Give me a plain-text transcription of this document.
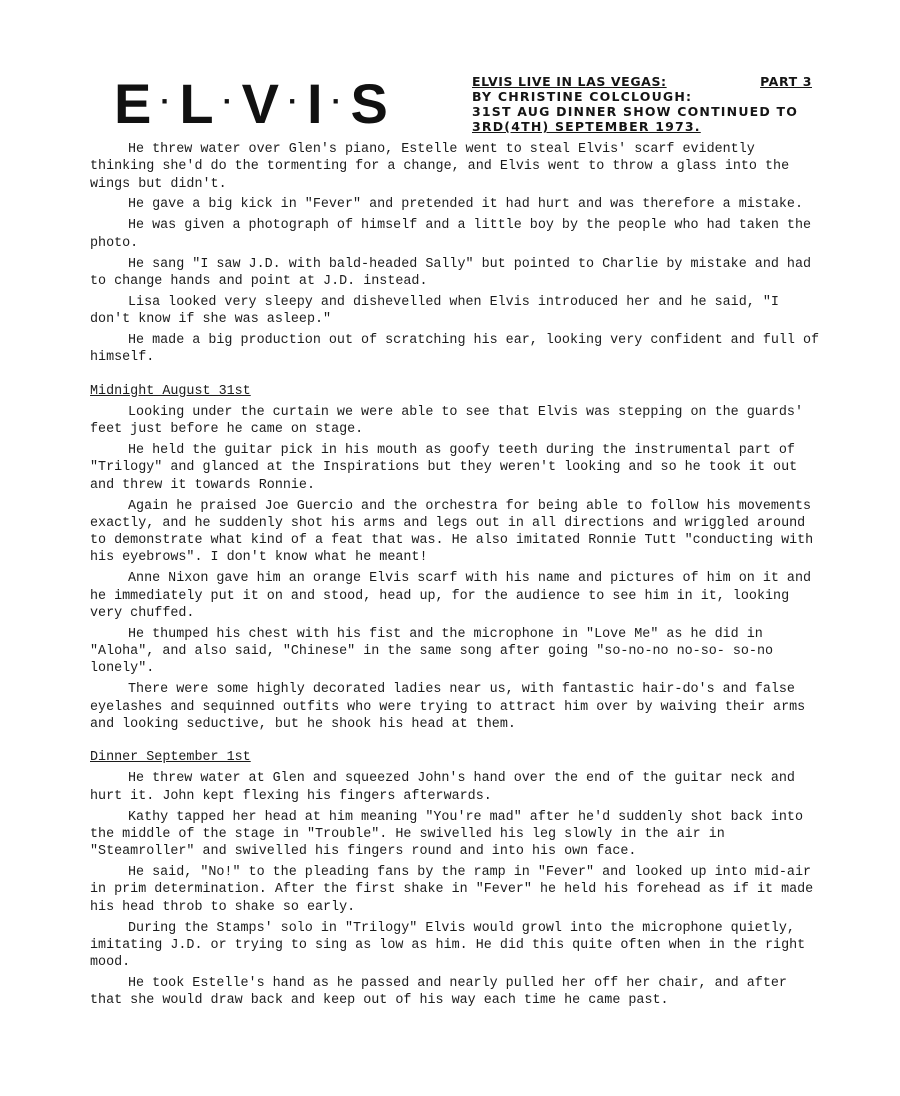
E · L · V · I · S	ELVIS LIVE IN LAS VEGAS:	PART 3
BY CHRISTINE COLCLOUGH:
31ST AUG DINNER SHOW CONTINUED TO
3RD(4TH) SEPTEMBER 1973.

He threw water over Glen's piano, Estelle went to steal Elvis' scarf evidently thinking she'd do the tormenting for a change, and Elvis went to throw a glass into the wings but didn't.

He gave a big kick in "Fever" and pretended it had hurt and was therefore a mistake.

He was given a photograph of himself and a little boy by the people who had taken the photo.

He sang "I saw J.D. with bald-headed Sally" but pointed to Charlie by mistake and had to change hands and point at J.D. instead.

Lisa looked very sleepy and dishevelled when Elvis introduced her and he said, "I don't know if she was asleep."

He made a big production out of scratching his ear, looking very confident and full of himself.

Midnight August 31st

Looking under the curtain we were able to see that Elvis was stepping on the guards' feet just before he came on stage.

He held the guitar pick in his mouth as goofy teeth during the instrumental part of "Trilogy" and glanced at the Inspirations but they weren't looking and so he took it out and threw it towards Ronnie.

Again he praised Joe Guercio and the orchestra for being able to follow his movements exactly, and he suddenly shot his arms and legs out in all directions and wriggled around to demonstrate what kind of a feat that was. He also imitated Ronnie Tutt "conducting with his eyebrows". I don't know what he meant!

Anne Nixon gave him an orange Elvis scarf with his name and pictures of him on it and he immediately put it on and stood, head up, for the audience to see him in it, looking very chuffed.

He thumped his chest with his fist and the microphone in "Love Me" as he did in "Aloha", and also said, "Chinese" in the same song after going "so-no-no no-so- so-no lonely".

There were some highly decorated ladies near us, with fantastic hair-do's and false eyelashes and sequinned outfits who were trying to attract him over by waiving their arms and looking seductive, but he shook his head at them.

Dinner September 1st

He threw water at Glen and squeezed John's hand over the end of the guitar neck and hurt it. John kept flexing his fingers afterwards.

Kathy tapped her head at him meaning "You're mad" after he'd suddenly shot back into the middle of the stage in "Trouble". He swivelled his leg slowly in the air in "Steamroller" and swivelled his fingers round and into his own face.

He said, "No!" to the pleading fans by the ramp in "Fever" and looked up into mid-air in prim determination. After the first shake in "Fever" he held his forehead as if it made his head throb to shake so early.

During the Stamps' solo in "Trilogy" Elvis would growl into the microphone quietly, imitating J.D. or trying to sing as low as him. He did this quite often when in the right mood.

He took Estelle's hand as he passed and nearly pulled her off her chair, and after that she would draw back and keep out of his way each time he came past.
